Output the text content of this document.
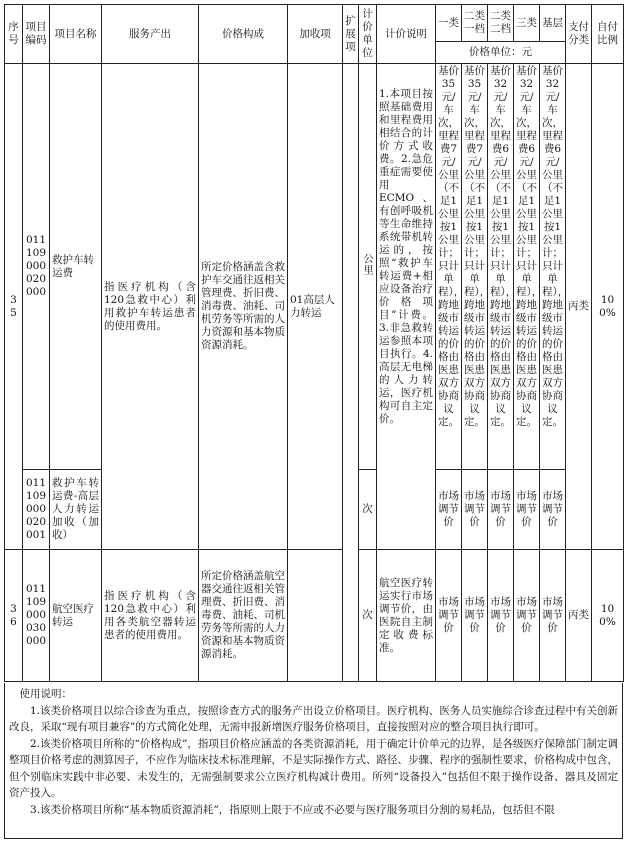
序号	项目编码	项目名称	服务产出	价格构成	加收项	扩展项	计价单位	计价说明	一类	二类一档	二类二档	三类	基层	支付分类	自付比例
									价格单位：元						
35	011109000020000	救护车转运费	指医疗机构（含120急救中心）利用救护车转运患者的使用费用。	所定价格涵盖含救护车交通往返相关管理费、折旧费、消毒费、油耗、司机劳务等所需的人力资源和基本物质资源消耗。	01高层人力转运		公里	1.本项目按照基础费用和里程费用相结合的计价方式收费。2.急危重症需要使用ECMO、有创呼吸机等生命维持系统带机转运的，按照“救护车转运费+相应设备治疗价格项目”计费。3.非急救转运参照本项目执行。4.高层无电梯的人力转运，医疗机构可自主定价。	基价35元/车次，里程费7元/公里（不足1公里按1公里计；只计单程），跨地级市转运的价格由医患双方协商议定。	基价35元/车次，里程费7元/公里（不足1公里按1公里计；只计单程），跨地级市转运的价格由医患双方协商议定。	基价32元/车次，里程费6元/公里（不足1公里按1公里计；只计单程），跨地级市转运的价格由医患双方协商议定。	基价32元/车次，里程费6元/公里（不足1公里按1公里计；只计单程），跨地级市转运的价格由医患双方协商议定。	基价32元/车次，里程费6元/公里（不足1公里按1公里计；只计单程），跨地级市转运的价格由医患双方协商议定。	丙类	100%
	011109000020001	救护车转运费-高层人力转运加收（加收）					次		市场调节价	市场调节价	市场调节价	市场调节价	市场调节价		
36	011109000030000	航空医疗转运	指医疗机构（含120急救中心）利用各类航空器转运患者的使用费用。	所定价格涵盖航空器交通往返相关管理费、折旧费、消毒费、油耗、司机劳务等所需的人力资源和基本物质资源消耗。			次	航空医疗转运实行市场调节价，由医院自主制定收费标准。	市场调节价	市场调节价	市场调节价	市场调节价	市场调节价	丙类	100%

使用说明：

1.该类价格项目以综合诊查为重点，按照诊查方式的服务产出设立价格项目。医疗机构、医务人员实施综合诊查过程中有关创新改良，采取“现有项目兼容”的方式简化处理，无需申报新增医疗服务价格项目，直接按照对应的整合项目执行即可。

2.该类价格项目所称的“价格构成”，指项目价格应涵盖的各类资源消耗，用于确定计价单元的边界，是各级医疗保障部门制定调整项目价格考虑的测算因子，不应作为临床技术标准理解，不是实际操作方式、路径、步骤、程序的强制性要求，价格构成中包含，但个别临床实践中非必要、未发生的，无需强制要求公立医疗机构减计费用。所列“设备投入”包括但不限于操作设备、器具及固定资产投入。

3.该类价格项目所称“基本物质资源消耗”，指原则上限于不应或不必要与医疗服务项目分割的易耗品，包括但不限
